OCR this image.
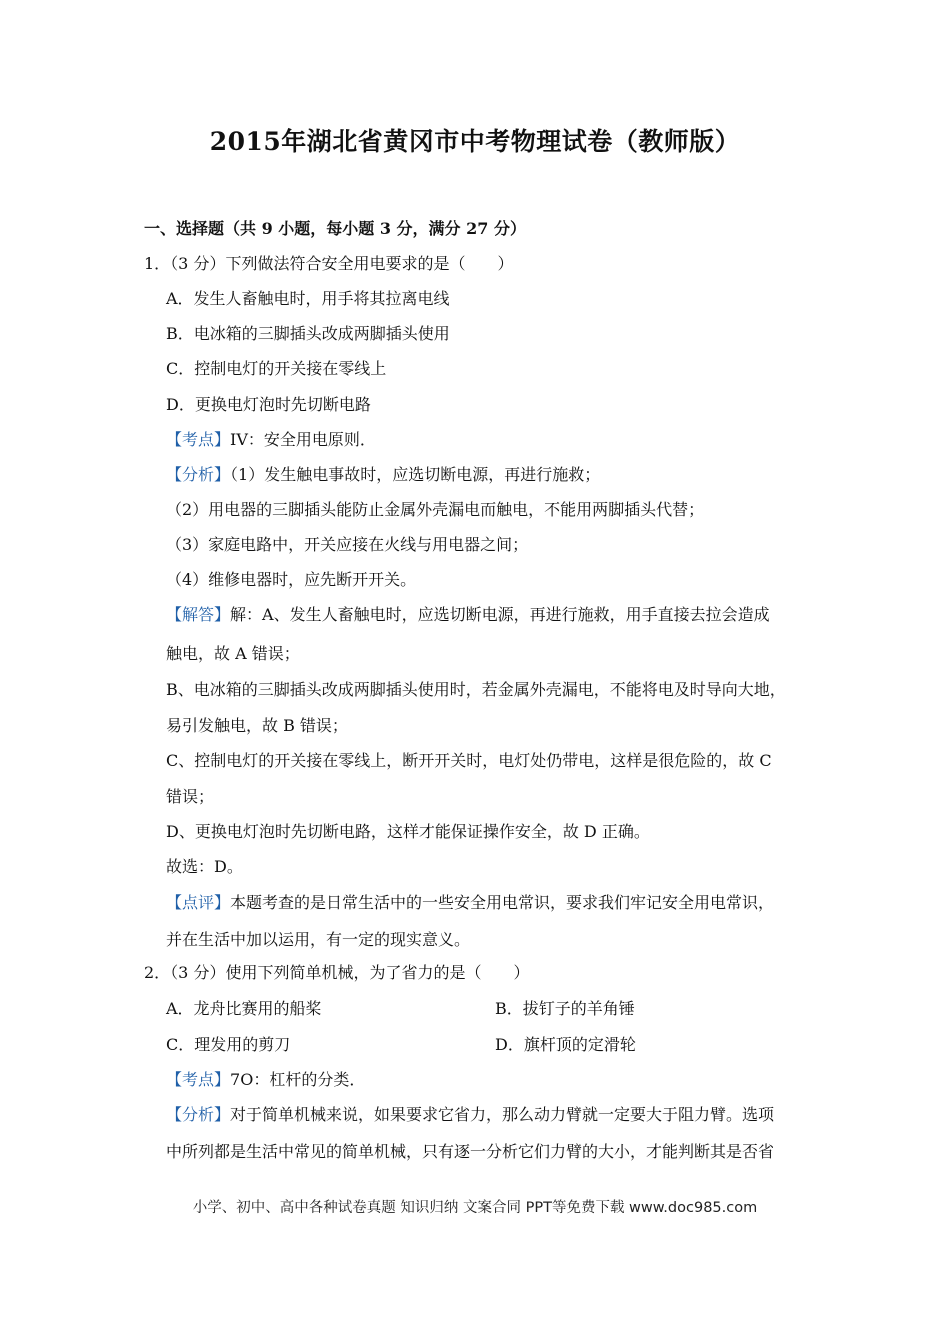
2015年湖北省黄冈市中考物理试卷（教师版）
一、选择题（共 9 小题，每小题 3 分，满分 27 分）
1．（3 分）下列做法符合安全用电要求的是（　　）
A．发生人畜触电时，用手将其拉离电线
B．电冰箱的三脚插头改成两脚插头使用
C．控制电灯的开关接在零线上
D．更换电灯泡时先切断电路
【考点】IV：安全用电原则．
【分析】（1）发生触电事故时，应选切断电源，再进行施救；
（2）用电器的三脚插头能防止金属外壳漏电而触电，不能用两脚插头代替；
（3）家庭电路中，开关应接在火线与用电器之间；
（4）维修电器时，应先断开开关。
【解答】解：A、发生人畜触电时，应选切断电源，再进行施救，用手直接去拉会造成
触电，故 A 错误；
B、电冰箱的三脚插头改成两脚插头使用时，若金属外壳漏电，不能将电及时导向大地，
易引发触电，故 B 错误；
C、控制电灯的开关接在零线上，断开开关时，电灯处仍带电，这样是很危险的，故 C
错误；
D、更换电灯泡时先切断电路，这样才能保证操作安全，故 D 正确。
故选：D。
【点评】本题考查的是日常生活中的一些安全用电常识，要求我们牢记安全用电常识，
并在生活中加以运用，有一定的现实意义。
2．（3 分）使用下列简单机械，为了省力的是（　　）
A．龙舟比赛用的船桨	B．拔钉子的羊角锤
C．理发用的剪刀	D．旗杆顶的定滑轮
【考点】7O：杠杆的分类．
【分析】对于简单机械来说，如果要求它省力，那么动力臂就一定要大于阻力臂。选项
中所列都是生活中常见的简单机械，只有逐一分析它们力臂的大小，才能判断其是否省
小学、初中、高中各种试卷真题 知识归纳 文案合同 PPT等免费下载 www.doc985.com
